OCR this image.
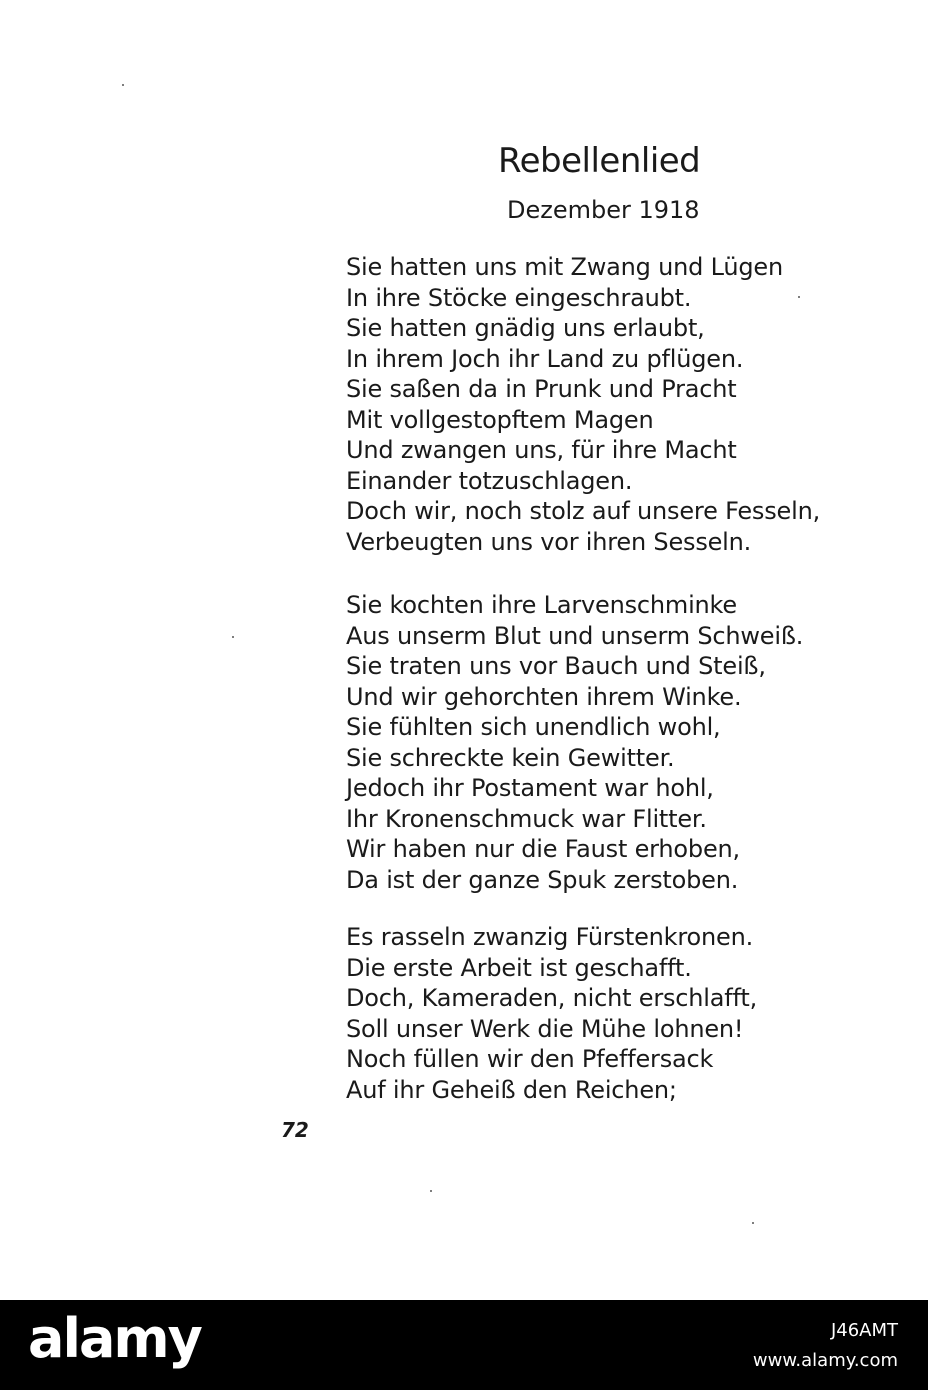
Rebellenlied
Dezember 1918
Sie hatten uns mit Zwang und Lügen
In ihre Stöcke eingeschraubt.
Sie hatten gnädig uns erlaubt,
In ihrem Joch ihr Land zu pflügen.
Sie saßen da in Prunk und Pracht
Mit vollgestopftem Magen
Und zwangen uns, für ihre Macht
Einander totzuschlagen.
Doch wir, noch stolz auf unsere Fesseln,
Verbeugten uns vor ihren Sesseln.
Sie kochten ihre Larvenschminke
Aus unserm Blut und unserm Schweiß.
Sie traten uns vor Bauch und Steiß,
Und wir gehorchten ihrem Winke.
Sie fühlten sich unendlich wohl,
Sie schreckte kein Gewitter.
Jedoch ihr Postament war hohl,
Ihr Kronenschmuck war Flitter.
Wir haben nur die Faust erhoben,
Da ist der ganze Spuk zerstoben.
Es rasseln zwanzig Fürstenkronen.
Die erste Arbeit ist geschafft.
Doch, Kameraden, nicht erschlafft,
Soll unser Werk die Mühe lohnen!
Noch füllen wir den Pfeffersack
Auf ihr Geheiß den Reichen;
72
alamy	J46AMT
www.alamy.com
